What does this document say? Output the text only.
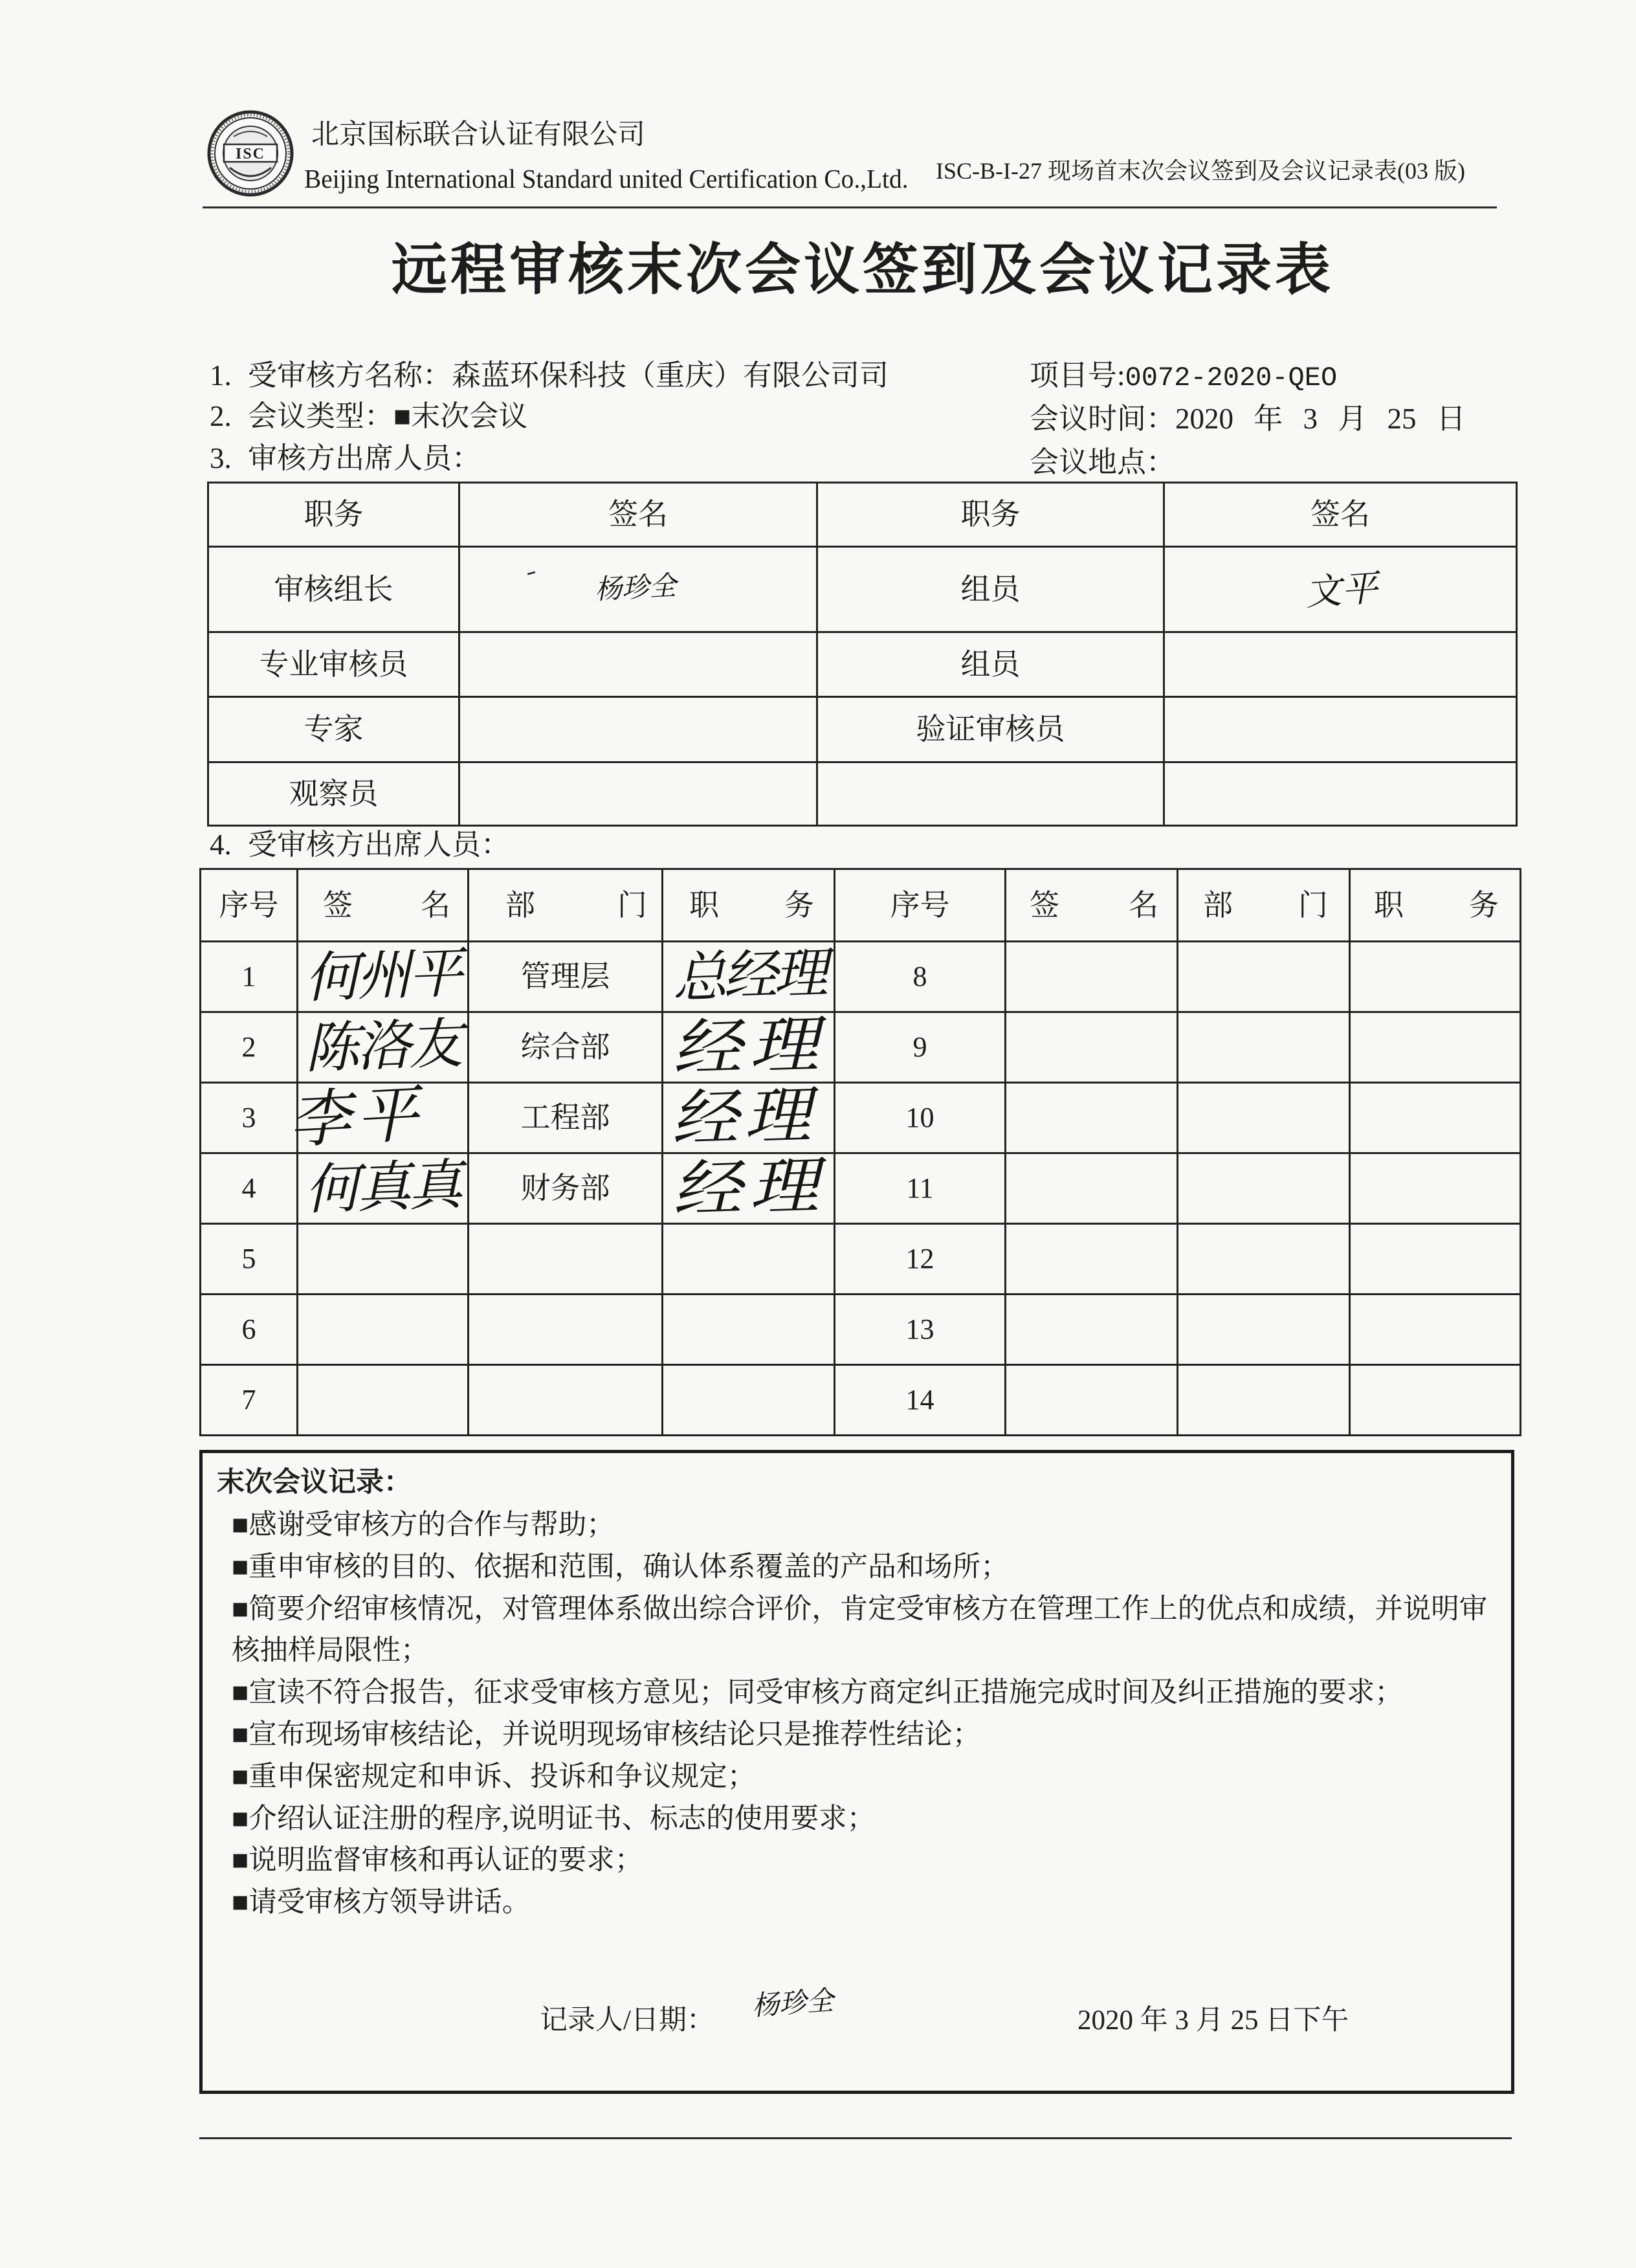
ISC
北京国标联合认证有限公司
Beijing International Standard united Certification Co.,Ltd. ISC-B-I-27 现场首末次会议签到及会议记录表(03 版)
远程审核末次会议签到及会议记录表
1. 受审核方名称：森蓝环保科技（重庆）有限公司司	项目号:0072-2020-QEO
2. 会议类型：■末次会议	会议时间：2020 年 3 月 25 日
3. 审核方出席人员：	会议地点：
职务	签名	职务	签名
审核组长	杨珍全	组员	文平
专业审核员		组员	
专家		验证审核员	
观察员			
4. 受审核方出席人员：
序号	签 名	部 门	职 务	序号	签 名	部 门	职 务
1	何州平	管理层	总经理	8			
2	陈洛友	综合部	经理	9			
3	李平	工程部	经理	10			
4	何真真	财务部	经理	11			
5				12			
6				13			
7				14			
末次会议记录：
■感谢受审核方的合作与帮助；
■重申审核的目的、依据和范围，确认体系覆盖的产品和场所；
■简要介绍审核情况，对管理体系做出综合评价，肯定受审核方在管理工作上的优点和成绩，并说明审核抽样局限性；
■宣读不符合报告，征求受审核方意见；同受审核方商定纠正措施完成时间及纠正措施的要求；
■宣布现场审核结论，并说明现场审核结论只是推荐性结论；
■重申保密规定和申诉、投诉和争议规定；
■介绍认证注册的程序,说明证书、标志的使用要求；
■说明监督审核和再认证的要求；
■请受审核方领导讲话。
记录人/日期： 杨珍全	2020 年 3 月 25 日下午
